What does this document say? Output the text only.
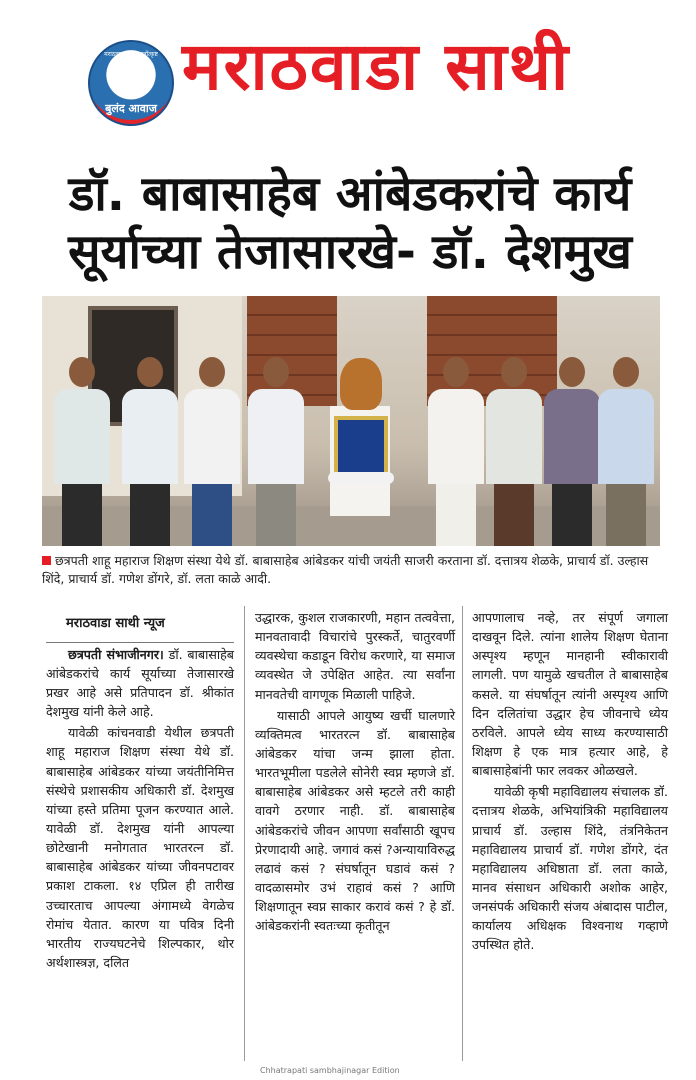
मराठवाड्यातील सर्वोत्कृष्ट
बुलंद आवाज
मराठवाडा साथी
डॉ. बाबासाहेब आंबेडकरांचे कार्य
सूर्याच्या तेजासारखे- डॉ. देशमुख
छत्रपती शाहू महाराज शिक्षण संस्था येथे डॉ. बाबासाहेब आंबेडकर यांची जयंती साजरी करताना डॉ. दत्तात्रय शेळके, प्राचार्य डॉ. उल्हास शिंदे, प्राचार्य डॉ. गणेश डोंगरे, डॉ. लता काळे आदी.
मराठवाडा साथी न्यूज
छत्रपती संभाजीनगर। डॉ. बाबासाहेब आंबेडकरांचे कार्य सूर्याच्या तेजासारखे प्रखर आहे असे प्रतिपादन डॉ. श्रीकांत देशमुख यांनी केले आहे.
यावेळी कांचनवाडी येथील छत्रपती शाहू महाराज शिक्षण संस्था येथे डॉ. बाबासाहेब आंबेडकर यांच्या जयंतीनिमित्त संस्थेचे प्रशासकीय अधिकारी डॉ. देशमुख यांच्या हस्ते प्रतिमा पूजन करण्यात आले. यावेळी डॉ. देशमुख यांनी आपल्या छोटेखानी मनोगतात भारतरत्न डॉ. बाबासाहेब आंबेडकर यांच्या जीवनपटावर प्रकाश टाकला. १४ एप्रिल ही तारीख उच्चारताच आपल्या अंगामध्ये वेगळेच रोमांच येतात. कारण या पवित्र दिनी भारतीय राज्यघटनेचे शिल्पकार, थोर अर्थशास्त्रज्ञ, दलित
उद्धारक, कुशल राजकारणी, महान तत्ववेत्ता, मानवतावादी विचारांचे पुरस्कर्ते, चातुरवर्णी व्यवस्थेचा कडाडून विरोध करणारे, या समाज व्यवस्थेत जे उपेक्षित आहेत. त्या सर्वांना मानवतेची वागणूक मिळाली पाहिजे.
यासाठी आपले आयुष्य खर्ची घालणारे व्यक्तिमत्व भारतरत्न डॉ. बाबासाहेब आंबेडकर यांचा जन्म झाला होता. भारतभूमीला पडलेले सोनेरी स्वप्न म्हणजे डॉ. बाबासाहेब आंबेडकर असे म्हटले तरी काही वावगे ठरणार नाही. डॉ. बाबासाहेब आंबेडकरांचे जीवन आपणा सर्वांसाठी खूपच प्रेरणादायी आहे. जगावं कसं ?अन्यायाविरुद्ध लढावं कसं ? संघर्षातून घडावं कसं ? वादळासमोर उभं राहावं कसं ? आणि शिक्षणातून स्वप्न साकार करावं कसं ? हे डॉ. आंबेडकरांनी स्वतःच्या कृतीतून
आपणालाच नव्हे, तर संपूर्ण जगाला दाखवून दिले. त्यांना शालेय शिक्षण घेताना अस्पृश्य म्हणून मानहानी स्वीकारावी लागली. पण यामुळे खचतील ते बाबासाहेब कसले. या संघर्षातून त्यांनी अस्पृश्य आणि दिन दलितांचा उद्धार हेच जीवनाचे ध्येय ठरविले. आपले ध्येय साध्य करण्यासाठी शिक्षण हे एक मात्र हत्यार आहे, हे बाबासाहेबांनी फार लवकर ओळखले.
यावेळी कृषी महाविद्यालय संचालक डॉ. दत्तात्रय शेळके, अभियांत्रिकी महाविद्यालय प्राचार्य डॉ. उल्हास शिंदे, तंत्रनिकेतन महाविद्यालय प्राचार्य डॉ. गणेश डोंगरे, दंत महाविद्यालय अधिष्ठाता डॉ. लता काळे, मानव संसाधन अधिकारी अशोक आहेर, जनसंपर्क अधिकारी संजय अंबादास पाटील, कार्यालय अधिक्षक विश्वनाथ गव्हाणे उपस्थित होते.
Chhatrapati sambhajinagar Edition
